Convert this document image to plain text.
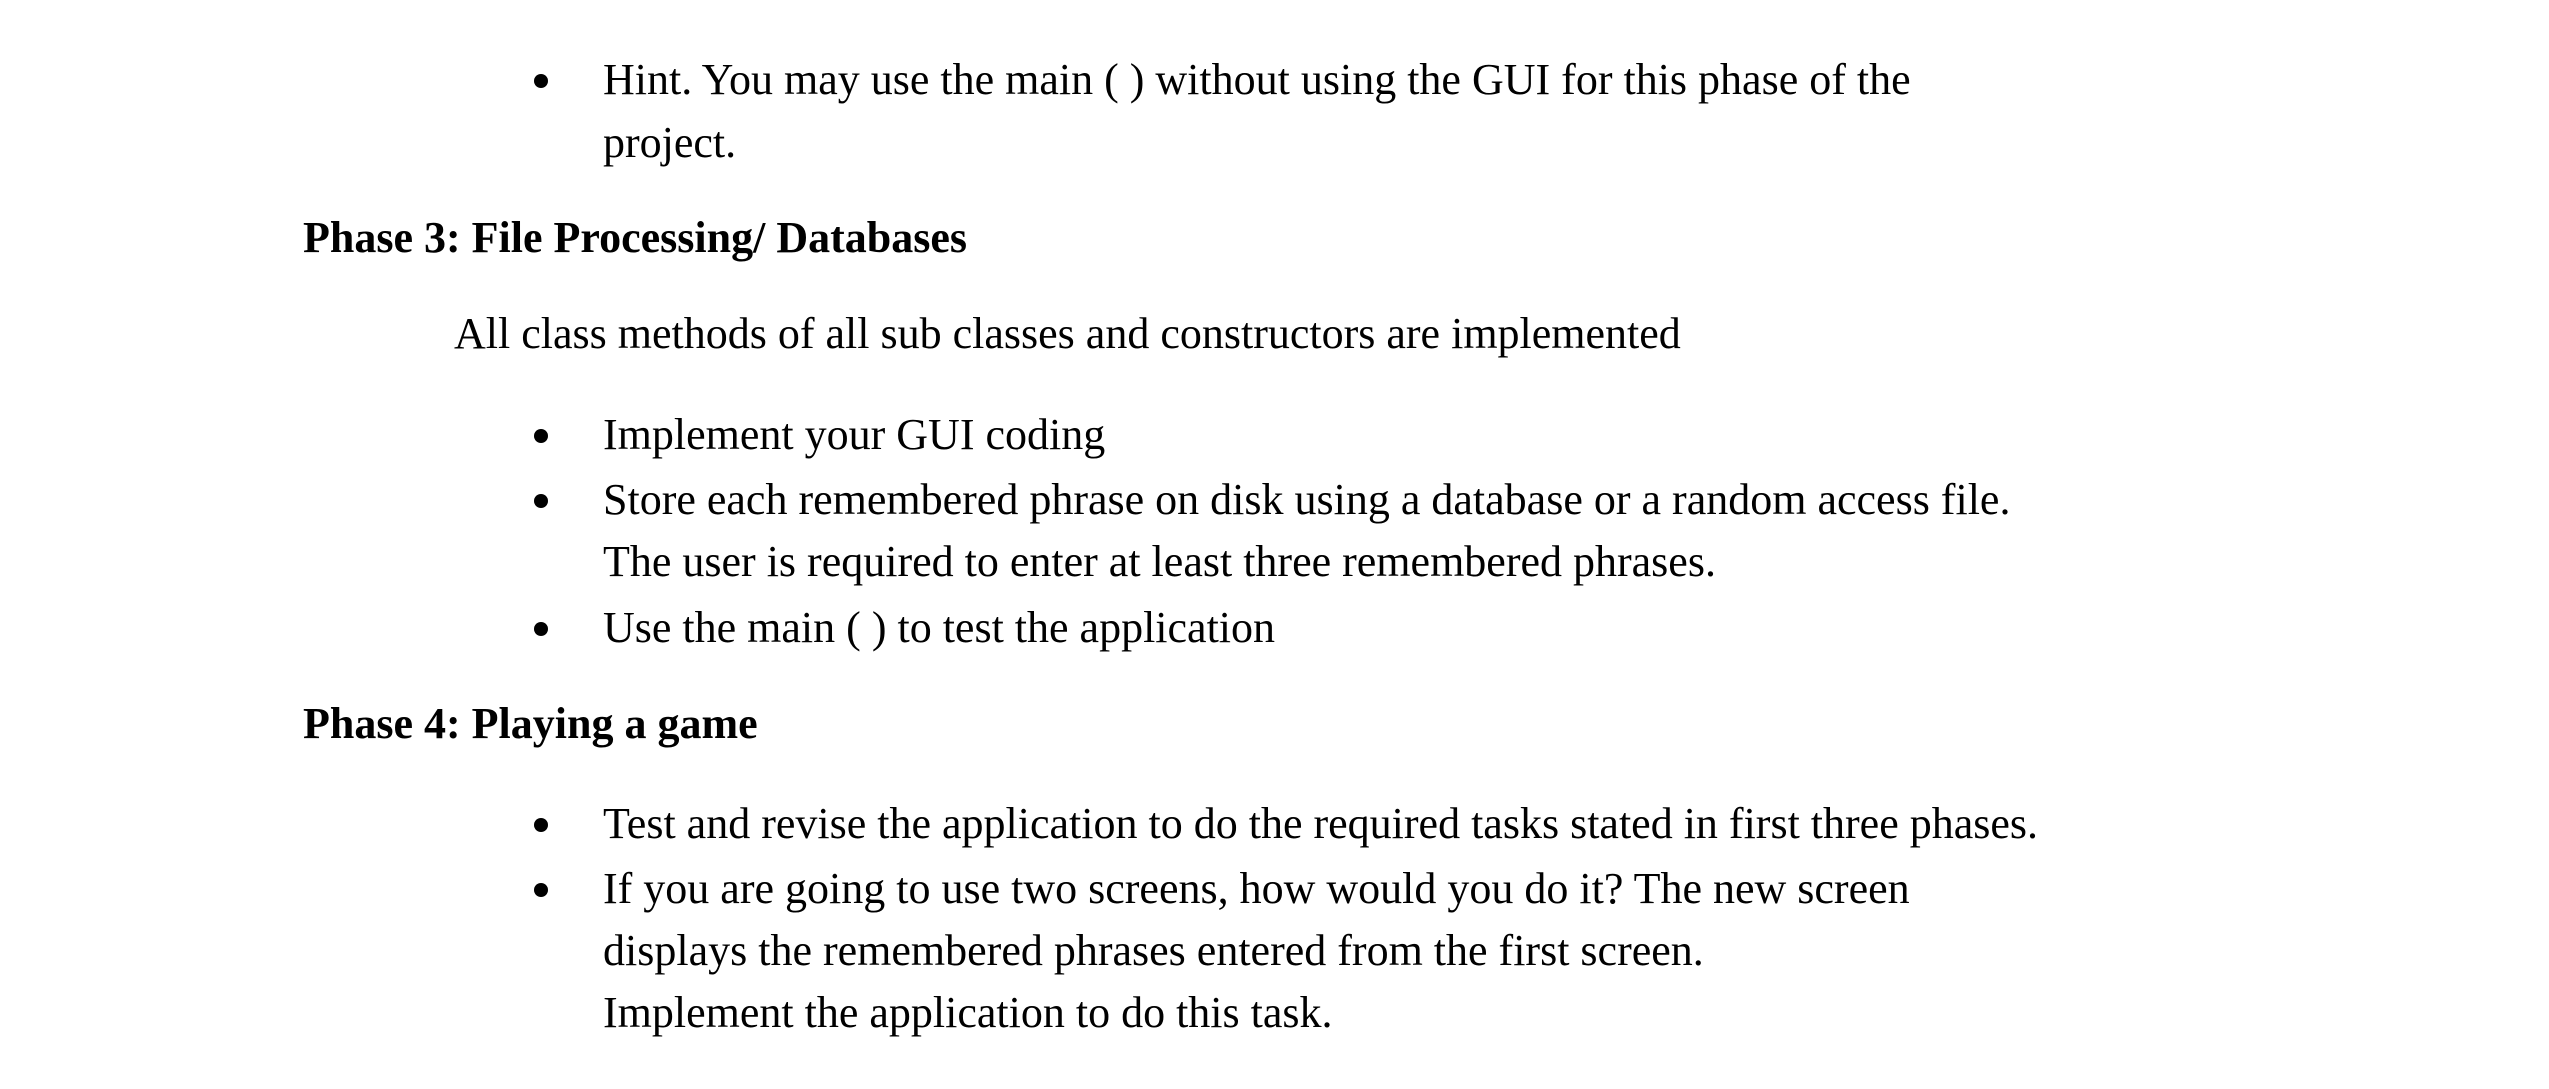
Hint. You may use the main ( ) without using the GUI for this phase of the
project.
Phase 3: File Processing/ Databases
All class methods of all sub classes and constructors are implemented
Implement your GUI coding
Store each remembered phrase on disk using a database or a random access file.
The user is required to enter at least three remembered phrases.
Use the main ( ) to test the application
Phase 4: Playing a game
Test and revise the application to do the required tasks stated in first three phases.
If you are going to use two screens, how would you do it? The new screen
displays the remembered phrases entered from the first screen.
Implement the application to do this task.
